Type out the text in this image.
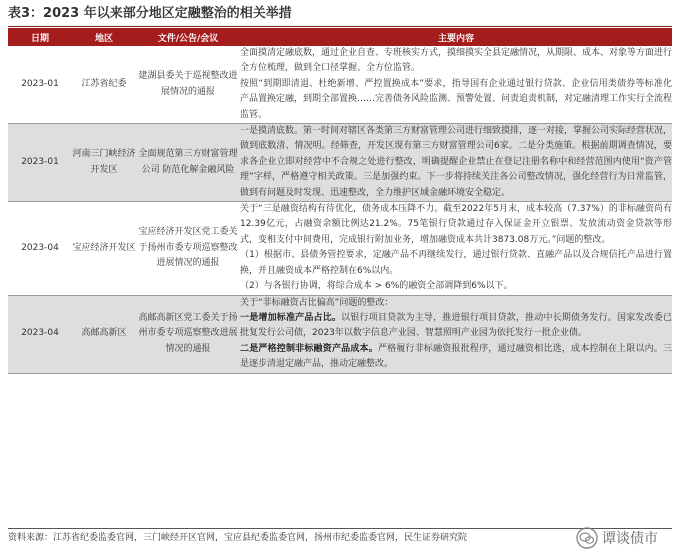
表3：2023 年以来部分地区定融整治的相关举措
日期	地区	文件/公告/会议	主要内容
2023-01	江苏省纪委	建湖县委关于巡视整改进展情况的通报	全面摸清定融底数，通过企业自查、专班核实方式，摸细摸实全县定融情况，从期限、成本、对象等方面进行全方位梳理，做到全口径掌握、全方位监管。

按照“到期即清退、杜绝新增、严控置换成本”要求，指导国有企业通过银行贷款、企业信用类债券等标准化产品置换定融，到期全部置换……完善债务风险监测、预警处置、问责追责机制，对定融清理工作实行全流程监管。

2023-01	河南三门峡经济开发区	全面规范第三方财富管理公司 防范化解金融风险	一是摸清底数。第一时间对辖区各类第三方财富管理公司进行细致摸排，逐一对接，掌握公司实际经营状况，做到底数清、情况明。经筛查，开发区现有第三方财富管理公司6家。二是分类施策。根据前期调查情况，要求各企业立即对经营中不合规之处进行整改，明确提醒企业禁止在登记注册名称中和经营范围内使用“资产管理”字样，严格遵守相关政策。三是加强约束。下一步将持续关注各公司整改情况，强化经营行为日常监管，做到有问题及时发现、迅速整改，全力维护区域金融环境安全稳定。

2023-04	宝应经济开发区	宝应经济开发区党工委关于扬州市委专项巡察整改进展情况的通报	关于“三是融资结构有待优化，债务成本压降不力。截至2022年5月末，成本较高（7.37%）的非标融资尚有12.39亿元，占融资余额比例达21.2%。75笔银行贷款通过存入保证金开立银票、发放流动资金贷款等形式，变相支付中间费用，完成银行附加业务，增加融资成本共计3873.08万元。”问题的整改。

（1）根据市、县债务管控要求，定融产品不再继续发行，通过银行贷款、直融产品以及合规信托产品进行置换，并且融资成本严格控制在6%以内。

（2）与各银行协调，将综合成本 > 6%的融资全部调降到6%以下。

2023-04	高邮高新区	高邮高新区党工委关于扬州市委专项巡察整改进展情况的通报	关于“非标融资占比偏高”问题的整改：

一是增加标准产品占比。以银行项目贷款为主导，推进银行项目贷款，推动中长期债务发行。国家发改委已批复发行公司债，2023年以数字信息产业园、智慧照明产业园为依托发行一批企业债。

二是严格控制非标融资产品成本。严格履行非标融资报批程序，通过融资相比选，成本控制在上限以内。三是逐步清退定融产品，推动定融整改。

资料来源：江苏省纪委监委官网，三门峡经开区官网，宝应县纪委监委官网，扬州市纪委监委官网，民生证券研究院	谭谈债市
